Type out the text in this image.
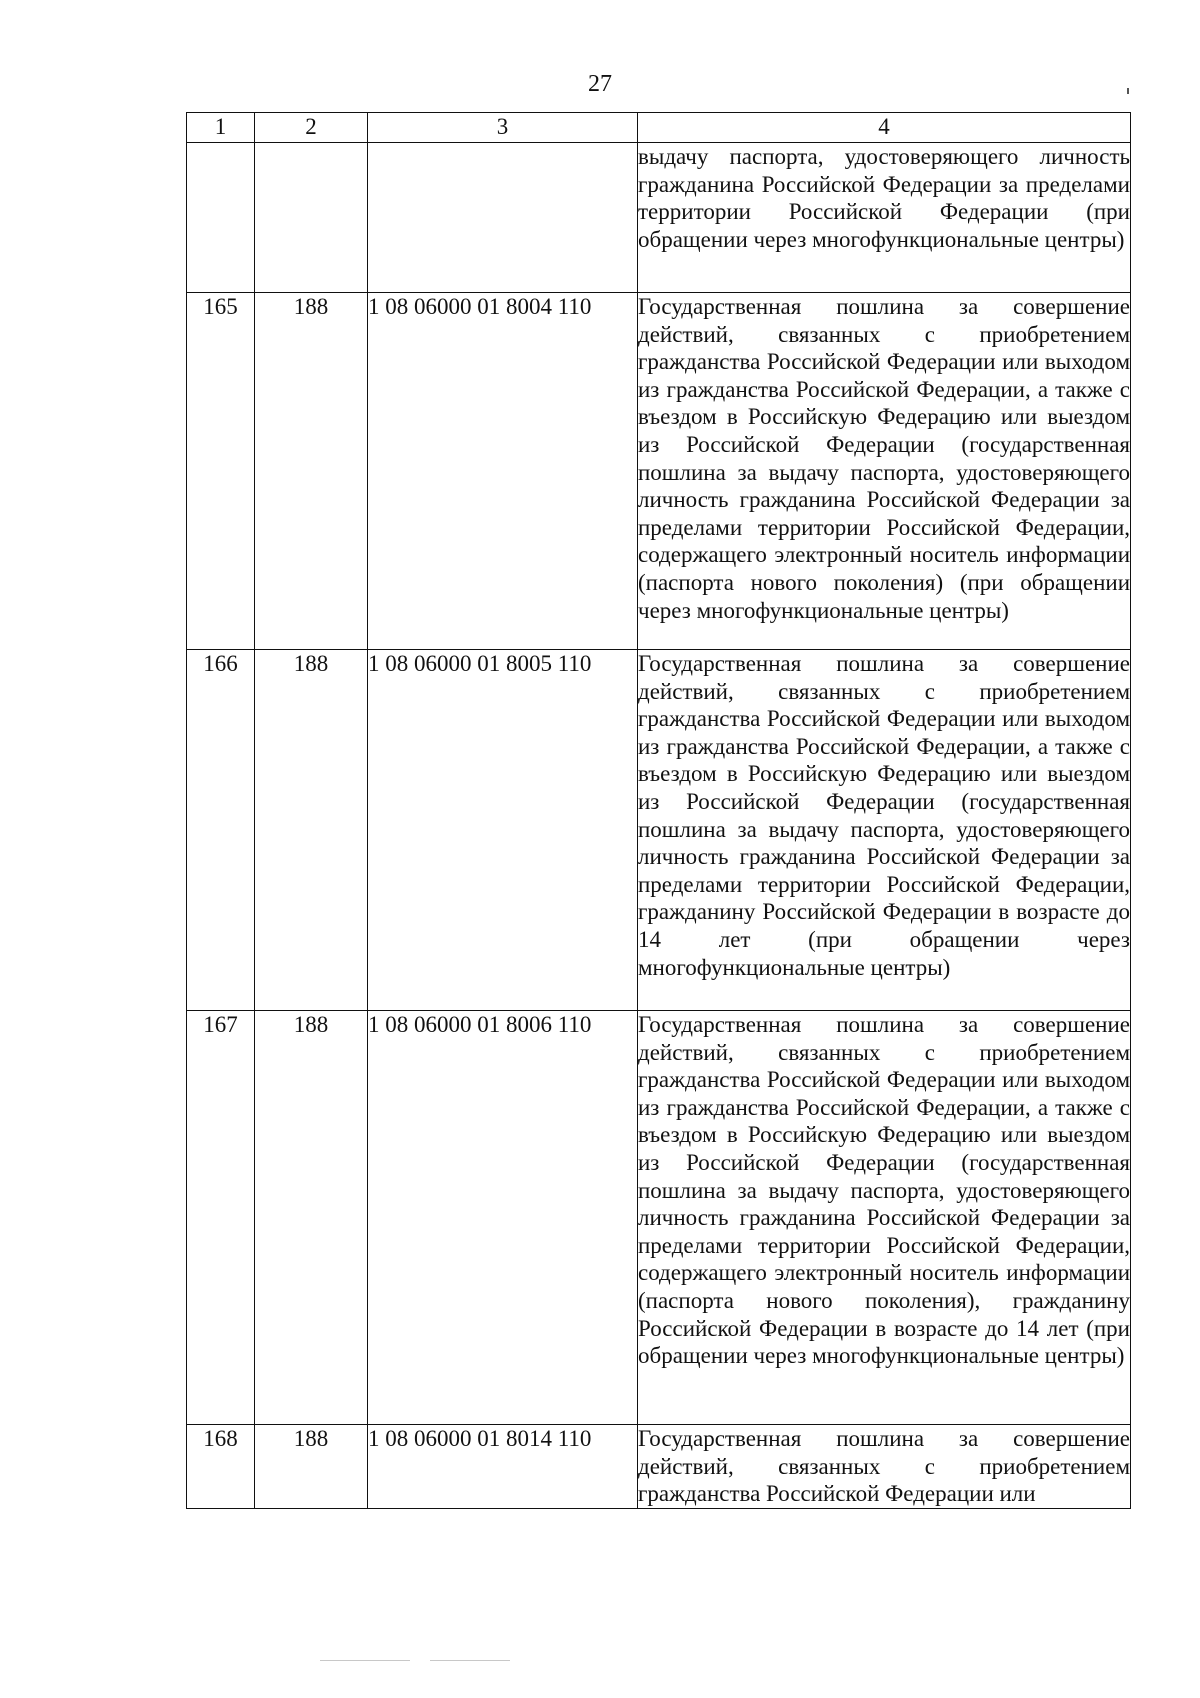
27
1	2	3	4
			выдачу паспорта, удостоверяющего личность гражданина Российской Федерации за пределами территории Российской Федерации (при обращении через многофункциональные центры)
165	188	1 08 06000 01 8004 110	Государственная пошлина за совершение действий, связанных с приобретением гражданства Российской Федерации или выходом из гражданства Российской Федерации, а также с въездом в Российскую Федерацию или выездом из Российской Федерации (государственная пошлина за выдачу паспорта, удостоверяющего личность гражданина Российской Федерации за пределами территории Российской Федерации, содержащего электронный носитель информации (паспорта нового поколения) (при обращении через многофункциональные центры)
166	188	1 08 06000 01 8005 110	Государственная пошлина за совершение действий, связанных с приобретением гражданства Российской Федерации или выходом из гражданства Российской Федерации, а также с въездом в Российскую Федерацию или выездом из Российской Федерации (государственная пошлина за выдачу паспорта, удостоверяющего личность гражданина Российской Федерации за пределами территории Российской Федерации, гражданину Российской Федерации в возрасте до 14 лет (при обращении через многофункциональные центры)
167	188	1 08 06000 01 8006 110	Государственная пошлина за совершение действий, связанных с приобретением гражданства Российской Федерации или выходом из гражданства Российской Федерации, а также с въездом в Российскую Федерацию или выездом из Российской Федерации (государственная пошлина за выдачу паспорта, удостоверяющего личность гражданина Российской Федерации за пределами территории Российской Федерации, содержащего электронный носитель информации (паспорта нового поколения), гражданину Российской Федерации в возрасте до 14 лет (при обращении через многофункциональные центры)
168	188	1 08 06000 01 8014 110	Государственная пошлина за совершение действий, связанных с приобретением гражданства Российской Федерации или
